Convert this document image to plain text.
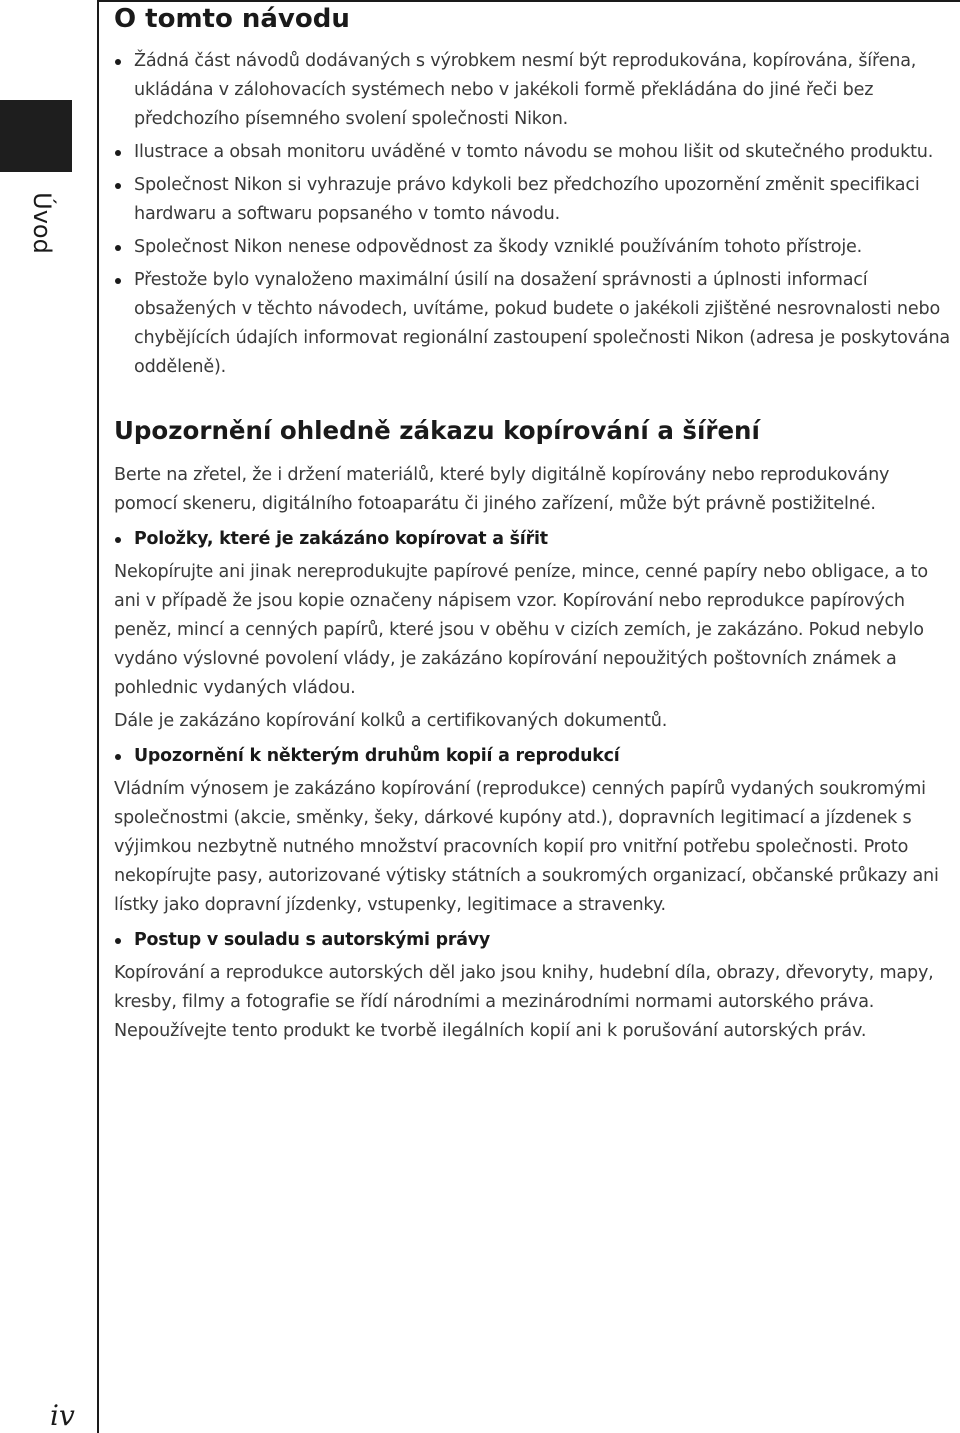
Úvod
iv
O tomto návodu
Žádná část návodů dodávaných s výrobkem nesmí být reprodukována, kopírována, šířena, ukládána v zálohovacích systémech nebo v jakékoli formě překládána do jiné řeči bez předchozího písemného svolení společnosti Nikon.
Ilustrace a obsah monitoru uváděné v tomto návodu se mohou lišit od skutečného produktu.
Společnost Nikon si vyhrazuje právo kdykoli bez předchozího upozornění změnit specifikaci hardwaru a softwaru popsaného v tomto návodu.
Společnost Nikon nenese odpovědnost za škody vzniklé používáním tohoto přístroje.
Přestože bylo vynaloženo maximální úsilí na dosažení správnosti a úplnosti informací obsažených v těchto návodech, uvítáme, pokud budete o jakékoli zjištěné nesrovnalosti nebo chybějících údajích informovat regionální zastoupení společnosti Nikon (adresa je poskytována odděleně).
Upozornění ohledně zákazu kopírování a šíření

Berte na zřetel, že i držení materiálů, které byly digitálně kopírovány nebo reprodukovány pomocí skeneru, digitálního fotoaparátu či jiného zařízení, může být právně postižitelné.

Položky, které je zakázáno kopírovat a šířit

Nekopírujte ani jinak nereprodukujte papírové peníze, mince, cenné papíry nebo obligace, a to ani v případě že jsou kopie označeny nápisem vzor. Kopírování nebo reprodukce papírových peněz, mincí a cenných papírů, které jsou v oběhu v cizích zemích, je zakázáno. Pokud nebylo vydáno výslovné povolení vlády, je zakázáno kopírování nepoužitých poštovních známek a pohlednic vydaných vládou.

Dále je zakázáno kopírování kolků a certifikovaných dokumentů.

Upozornění k některým druhům kopií a reprodukcí

Vládním výnosem je zakázáno kopírování (reprodukce) cenných papírů vydaných soukromými společnostmi (akcie, směnky, šeky, dárkové kupóny atd.), dopravních legitimací a jízdenek s výjimkou nezbytně nutného množství pracovních kopií pro vnitřní potřebu společnosti. Proto nekopírujte pasy, autorizované výtisky státních a soukromých organizací, občanské průkazy ani lístky jako dopravní jízdenky, vstupenky, legitimace a stravenky.

Postup v souladu s autorskými právy

Kopírování a reprodukce autorských děl jako jsou knihy, hudební díla, obrazy, dřevoryty, mapy, kresby, filmy a fotografie se řídí národními a mezinárodními normami autorského práva. Nepoužívejte tento produkt ke tvorbě ilegálních kopií ani k porušování autorských práv.
